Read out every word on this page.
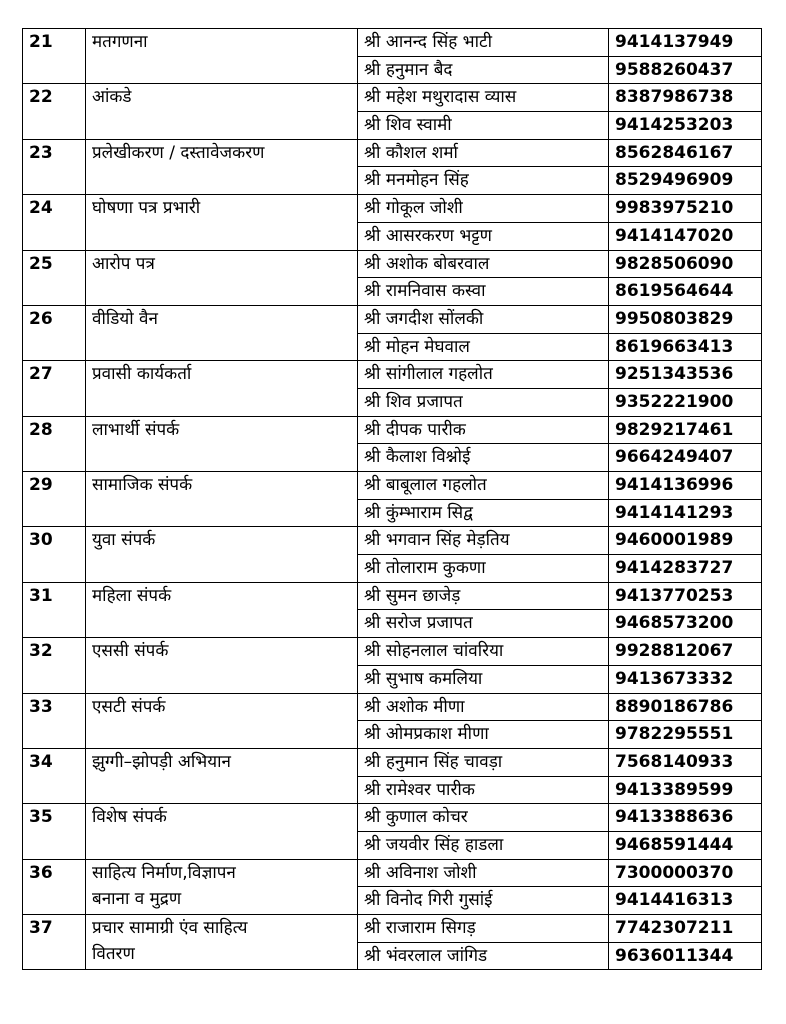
21	मतगणना	श्री आनन्द सिंह भाटी	9414137949
		श्री हनुमान बैद	9588260437
22	आंकडे	श्री महेश मथुरादास व्यास	8387986738
		श्री शिव स्वामी	9414253203
23	प्रलेखीकरण / दस्तावेजकरण	श्री कौशल शर्मा	8562846167
		श्री मनमोहन सिंह	8529496909
24	घोषणा पत्र प्रभारी	श्री गोकूल जोशी	9983975210
		श्री आसरकरण भट्टण	9414147020
25	आरोप पत्र	श्री अशोक बोबरवाल	9828506090
		श्री रामनिवास कस्वा	8619564644
26	वीडियो वैन	श्री जगदीश सोंलकी	9950803829
		श्री मोहन मेघवाल	8619663413
27	प्रवासी कार्यकर्ता	श्री सांगीलाल गहलोत	9251343536
		श्री शिव प्रजापत	9352221900
28	लाभार्थी संपर्क	श्री दीपक पारीक	9829217461
		श्री कैलाश विश्नोई	9664249407
29	सामाजिक संपर्क	श्री बाबूलाल गहलोत	9414136996
		श्री कुंम्भाराम सिद्व	9414141293
30	युवा संपर्क	श्री भगवान सिंह मेड़तिय	9460001989
		श्री तोलाराम कुकणा	9414283727
31	महिला संपर्क	श्री सुमन छाजेड़	9413770253
		श्री सरोज प्रजापत	9468573200
32	एससी संपर्क	श्री सोहनलाल चांवरिया	9928812067
		श्री सुभाष कमलिया	9413673332
33	एसटी संपर्क	श्री अशोक मीणा	8890186786
		श्री ओमप्रकाश मीणा	9782295551
34	झुग्गी–झोपड़ी अभियान	श्री हनुमान सिंह चावड़ा	7568140933
		श्री रामेश्वर पारीक	9413389599
35	विशेष संपर्क	श्री कुणाल कोचर	9413388636
		श्री जयवीर सिंह हाडला	9468591444
36	साहित्य निर्माण,विज्ञापन
बनाना व मुद्रण	श्री अविनाश जोशी	7300000370
		श्री विनोद गिरी गुसांई	9414416313
37	प्रचार सामाग्री एंव साहित्य
वितरण	श्री राजाराम सिगड़	7742307211
		श्री भंवरलाल जांगिड	9636011344
